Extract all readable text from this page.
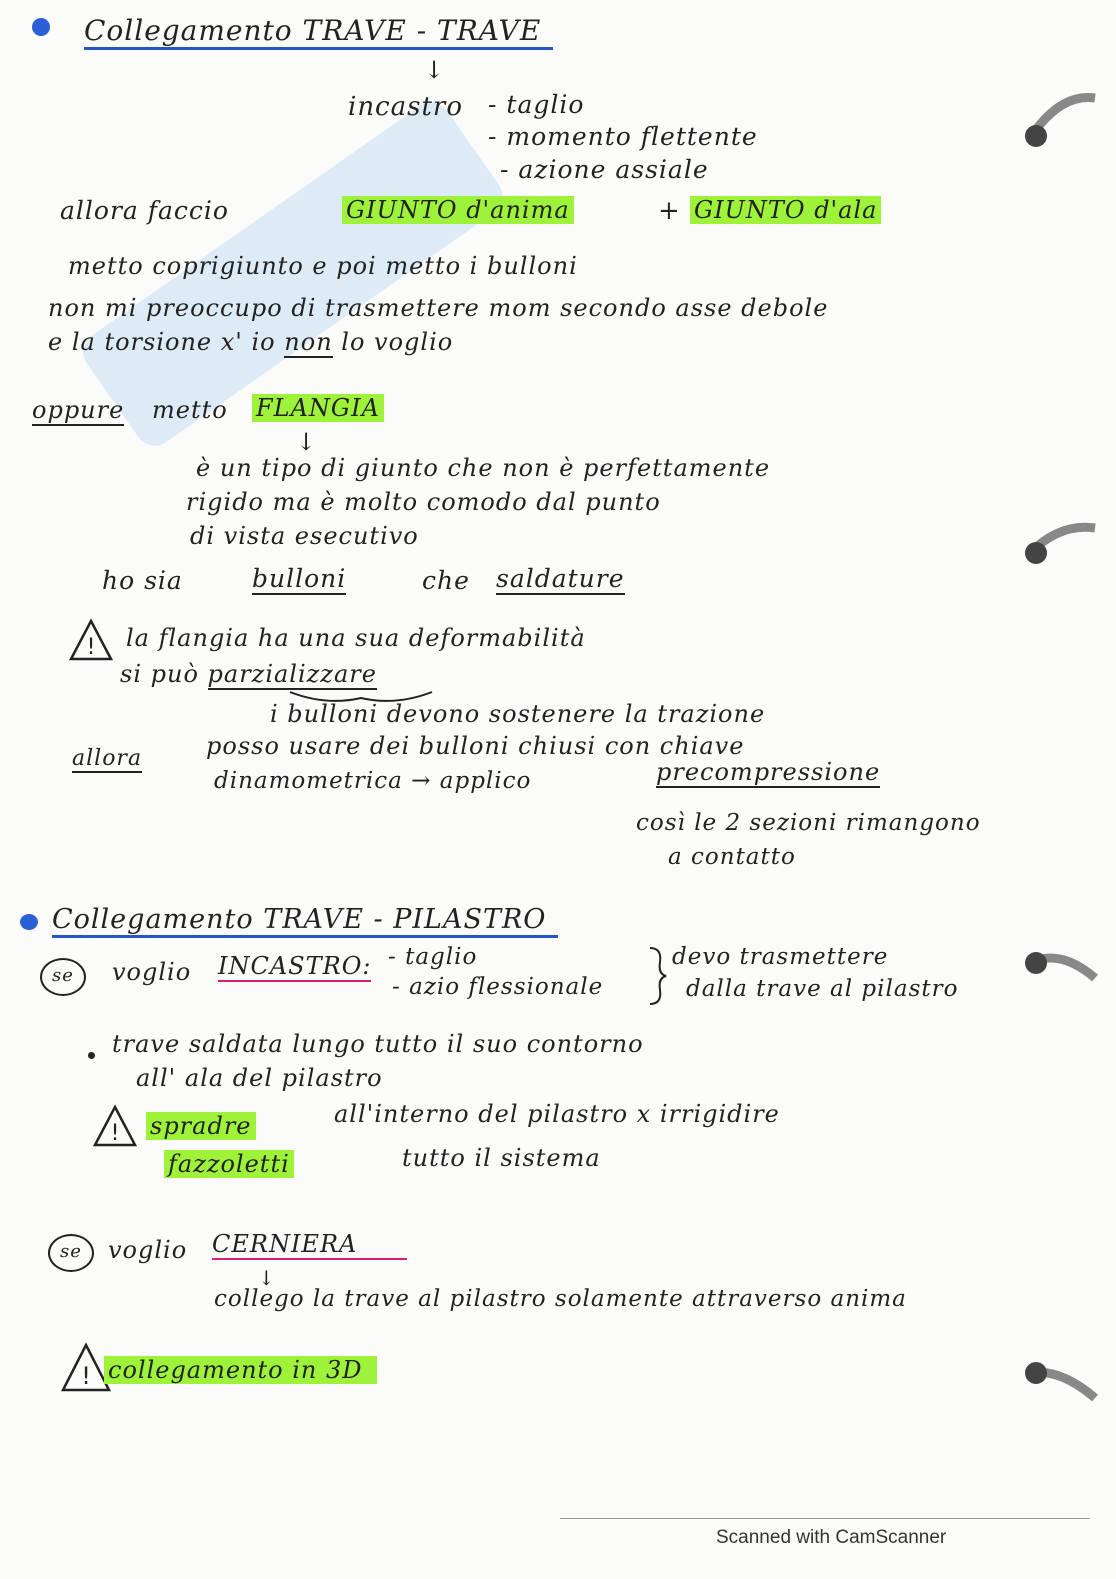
Collegamento TRAVE - TRAVE
↓
incastro - taglio
- momento flettente
- azione assiale
allora faccio	GIUNTO d'anima	+ GIUNTO d'ala
metto coprigiunto e poi metto i bulloni
non mi preoccupo di trasmettere mom secondo asse debole
e la torsione x' io non lo voglio
oppure metto FLANGIA
↓
è un tipo di giunto che non è perfettamente
rigido ma è molto comodo dal punto
di vista esecutivo
ho sia	bulloni	che saldature
! la flangia ha una sua deformabilità
si può parzializzare
i bulloni devono sostenere la trazione
allora	posso usare dei bulloni chiusi con chiave
dinamometrica → applico	precompressione
così le 2 sezioni rimangono
a contatto
Collegamento TRAVE - PILASTRO
se	voglio INCASTRO: - taglio
- azio flessionale
devo trasmettere
dalla trave al pilastro
trave saldata lungo tutto il suo contorno
all' ala del pilastro
! spradre	all'interno del pilastro x irrigidire
fazzoletti	tutto il sistema
se	voglio CERNIERA
↓
collego la trave al pilastro solamente attraverso anima
! collegamento in 3D
Scanned with CamScanner
